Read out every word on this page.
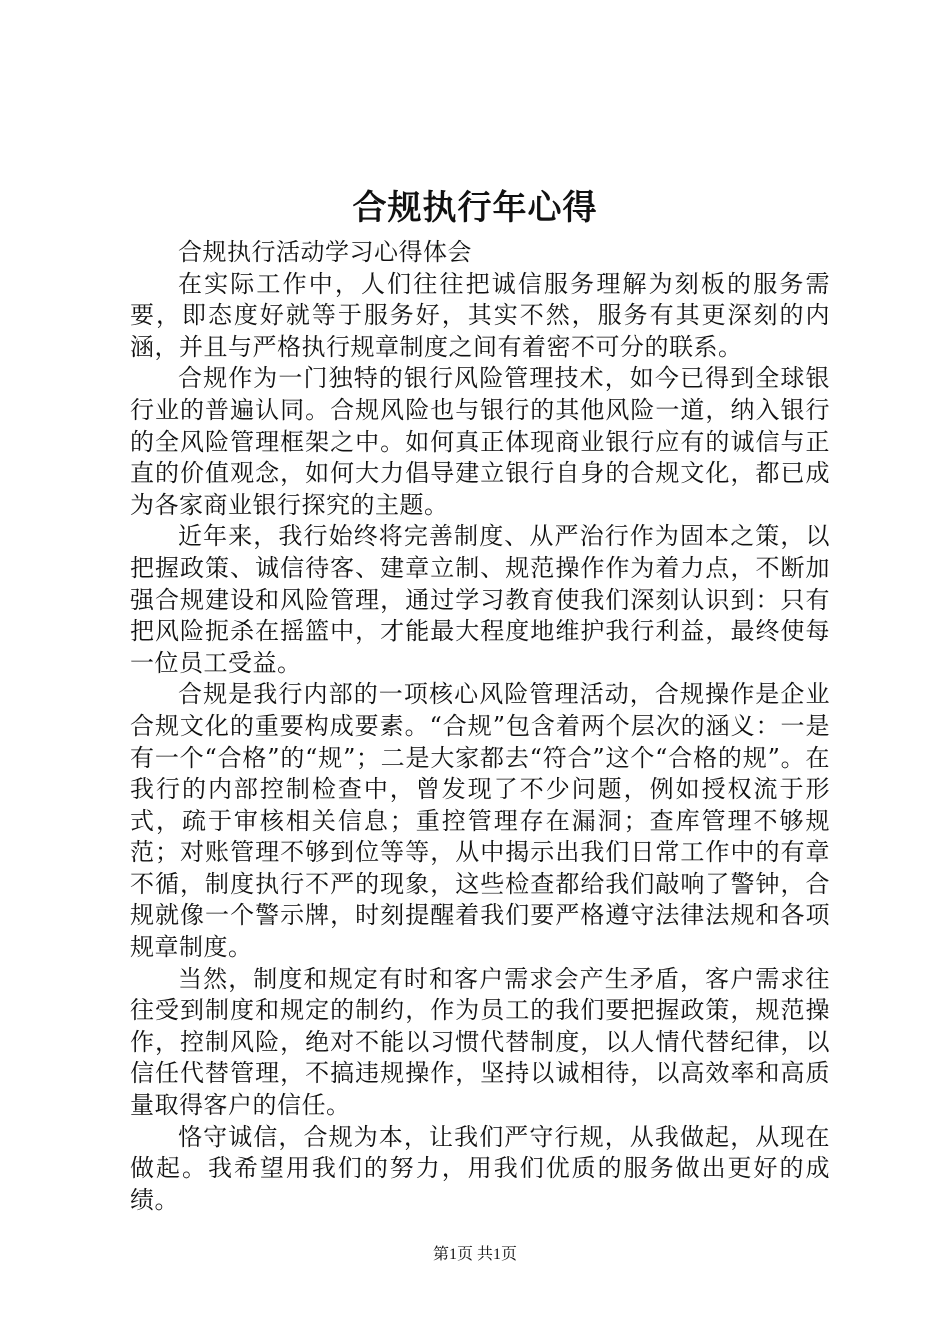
合规执行年心得

合规执行活动学习心得体会

在实际工作中，人们往往把诚信服务理解为刻板的服务需要，即态度好就等于服务好，其实不然，服务有其更深刻的内涵，并且与严格执行规章制度之间有着密不可分的联系。

合规作为一门独特的银行风险管理技术，如今已得到全球银行业的普遍认同。合规风险也与银行的其他风险一道，纳入银行的全风险管理框架之中。如何真正体现商业银行应有的诚信与正直的价值观念，如何大力倡导建立银行自身的合规文化，都已成为各家商业银行探究的主题。

近年来，我行始终将完善制度、从严治行作为固本之策，以把握政策、诚信待客、建章立制、规范操作作为着力点，不断加强合规建设和风险管理，通过学习教育使我们深刻认识到：只有把风险扼杀在摇篮中，才能最大程度地维护我行利益，最终使每一位员工受益。

合规是我行内部的一项核心风险管理活动，合规操作是企业合规文化的重要构成要素。“合规”包含着两个层次的涵义：一是有一个“合格”的“规”；二是大家都去“符合”这个“合格的规”。在我行的内部控制检查中，曾发现了不少问题，例如授权流于形式，疏于审核相关信息；重控管理存在漏洞；查库管理不够规范；对账管理不够到位等等，从中揭示出我们日常工作中的有章不循，制度执行不严的现象，这些检查都给我们敲响了警钟，合规就像一个警示牌，时刻提醒着我们要严格遵守法律法规和各项规章制度。

当然，制度和规定有时和客户需求会产生矛盾，客户需求往往受到制度和规定的制约，作为员工的我们要把握政策，规范操作，控制风险，绝对不能以习惯代替制度，以人情代替纪律，以信任代替管理，不搞违规操作，坚持以诚相待，以高效率和高质量取得客户的信任。

恪守诚信，合规为本，让我们严守行规，从我做起，从现在做起。我希望用我们的努力，用我们优质的服务做出更好的成绩。

第1页 共1页
